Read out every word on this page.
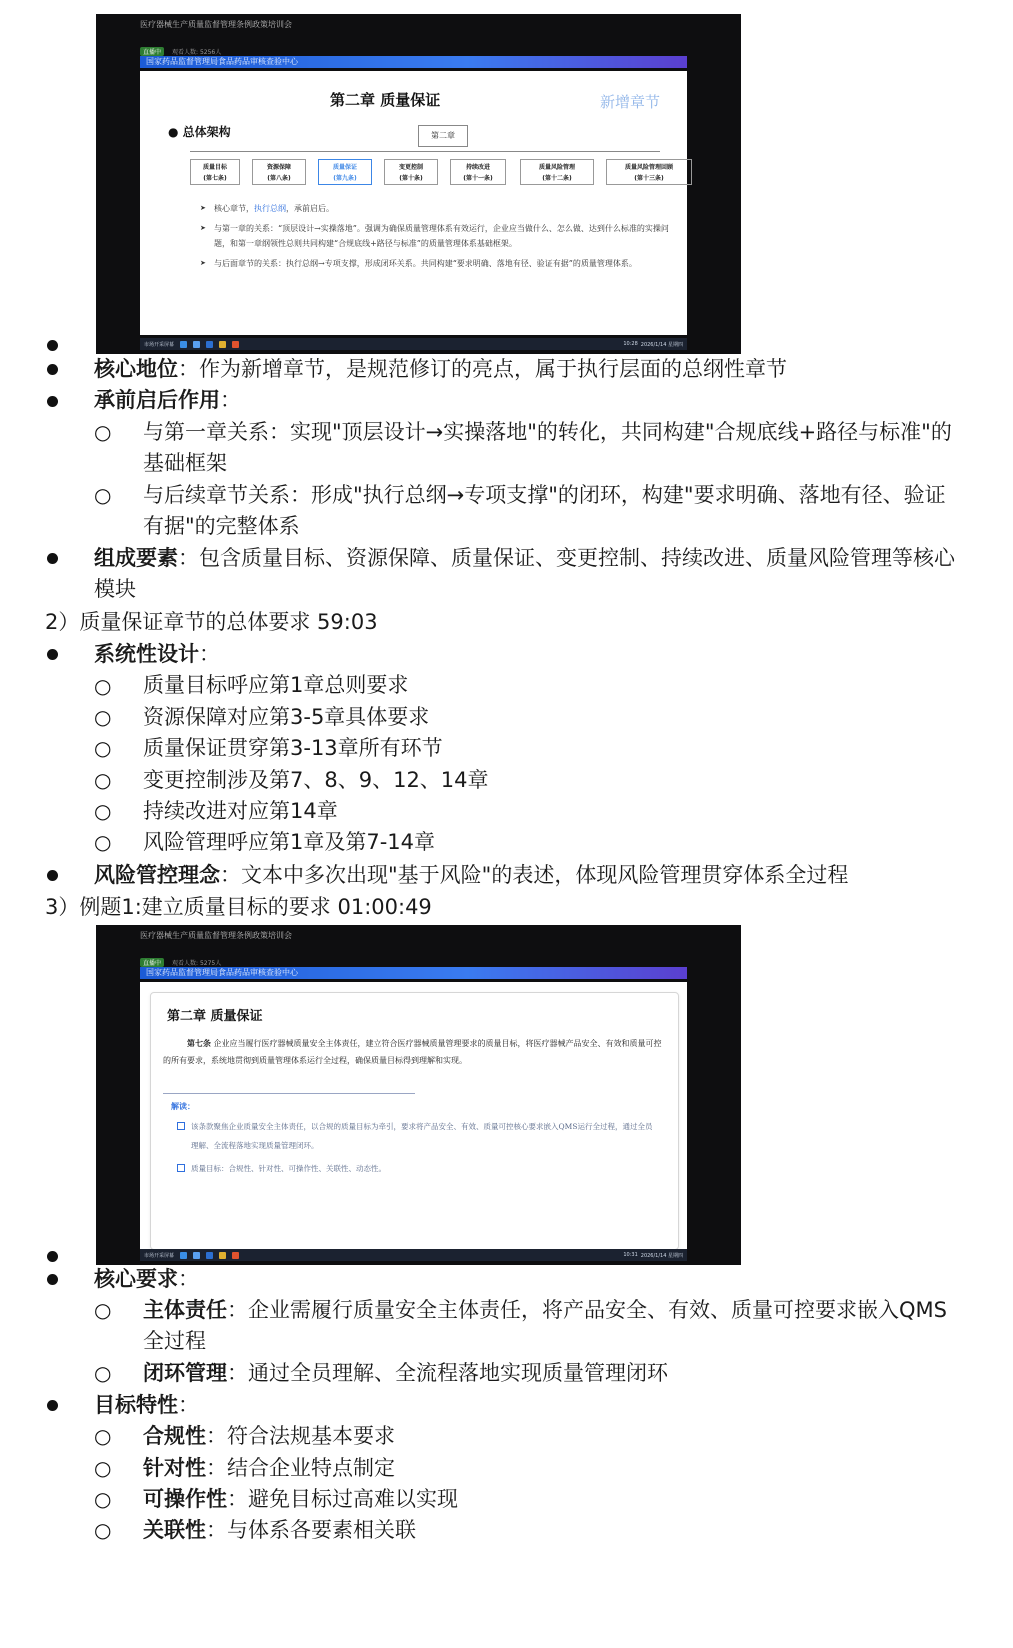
医疗器械生产质量监督管理条例政策培训会
直播中	观看人数: 5256人
国家药品监督管理局食品药品审核查验中心
第二章 质量保证	新增章节
● 总体架构	第二章
质量目标
(第七条)
资源保障
(第八条)
质量保证
(第九条)
变更控制
(第十条)
持续改进
(第十一条)
质量风险管理
(第十二条)
质量风险管理回顾
(第十三条)

➤ 核心章节，执行总纲，承前启后。

➤ 与第一章的关系：“顶层设计→实操落地”。强调为确保质量管理体系有效运行，企业应当做什么、怎么做、达到什么标准的实操问题，和第一章纲领性总则共同构建“合规底线+路径与标准”的质量管理体系基础框架。

➤ 与后面章节的关系：执行总纲→专项支撑，形成闭环关系。共同构建“要求明确、落地有径、验证有据”的质量管理体系。

市场开采屏幕	10:28 2026/1/14 星期四
核心地位：作为新增章节，是规范修订的亮点，属于执行层面的总纲性章节
承前启后作用：
○ 与第一章关系：实现"顶层设计→实操落地"的转化，共同构建"合规底线+路径与标准"的基础框架
○ 与后续章节关系：形成"执行总纲→专项支撑"的闭环，构建"要求明确、落地有径、验证有据"的完整体系
组成要素：包含质量目标、资源保障、质量保证、变更控制、持续改进、质量风险管理等核心模块
2）质量保证章节的总体要求 59:03
系统性设计：
○ 质量目标呼应第1章总则要求
○ 资源保障对应第3-5章具体要求
○ 质量保证贯穿第3-13章所有环节
○ 变更控制涉及第7、8、9、12、14章
○ 持续改进对应第14章
○ 风险管理呼应第1章及第7-14章
风险管控理念：文本中多次出现"基于风险"的表述，体现风险管理贯穿体系全过程
3）例题1:建立质量目标的要求 01:00:49
医疗器械生产质量监督管理条例政策培训会
直播中	观看人数: 5275人
国家药品监督管理局食品药品审核查验中心
第二章 质量保证
第七条 企业应当履行医疗器械质量安全主体责任，建立符合医疗器械质量管理要求的质量目标，将医疗器械产品安全、有效和质量可控的所有要求，系统地贯彻到质量管理体系运行全过程，确保质量目标得到理解和实现。
解读：

该条款聚焦企业质量安全主体责任，以合规的质量目标为牵引，要求将产品安全、有效、质量可控核心要求嵌入QMS运行全过程，通过全员理解、全流程落地实现质量管理闭环。

质量目标：合规性、针对性、可操作性、关联性、动态性。

市场开采屏幕	10:31 2026/1/14 星期四
核心要求：
○ 主体责任：企业需履行质量安全主体责任，将产品安全、有效、质量可控要求嵌入QMS全过程
○ 闭环管理：通过全员理解、全流程落地实现质量管理闭环
目标特性：
○ 合规性：符合法规基本要求
○ 针对性：结合企业特点制定
○ 可操作性：避免目标过高难以实现
○ 关联性：与体系各要素相关联
